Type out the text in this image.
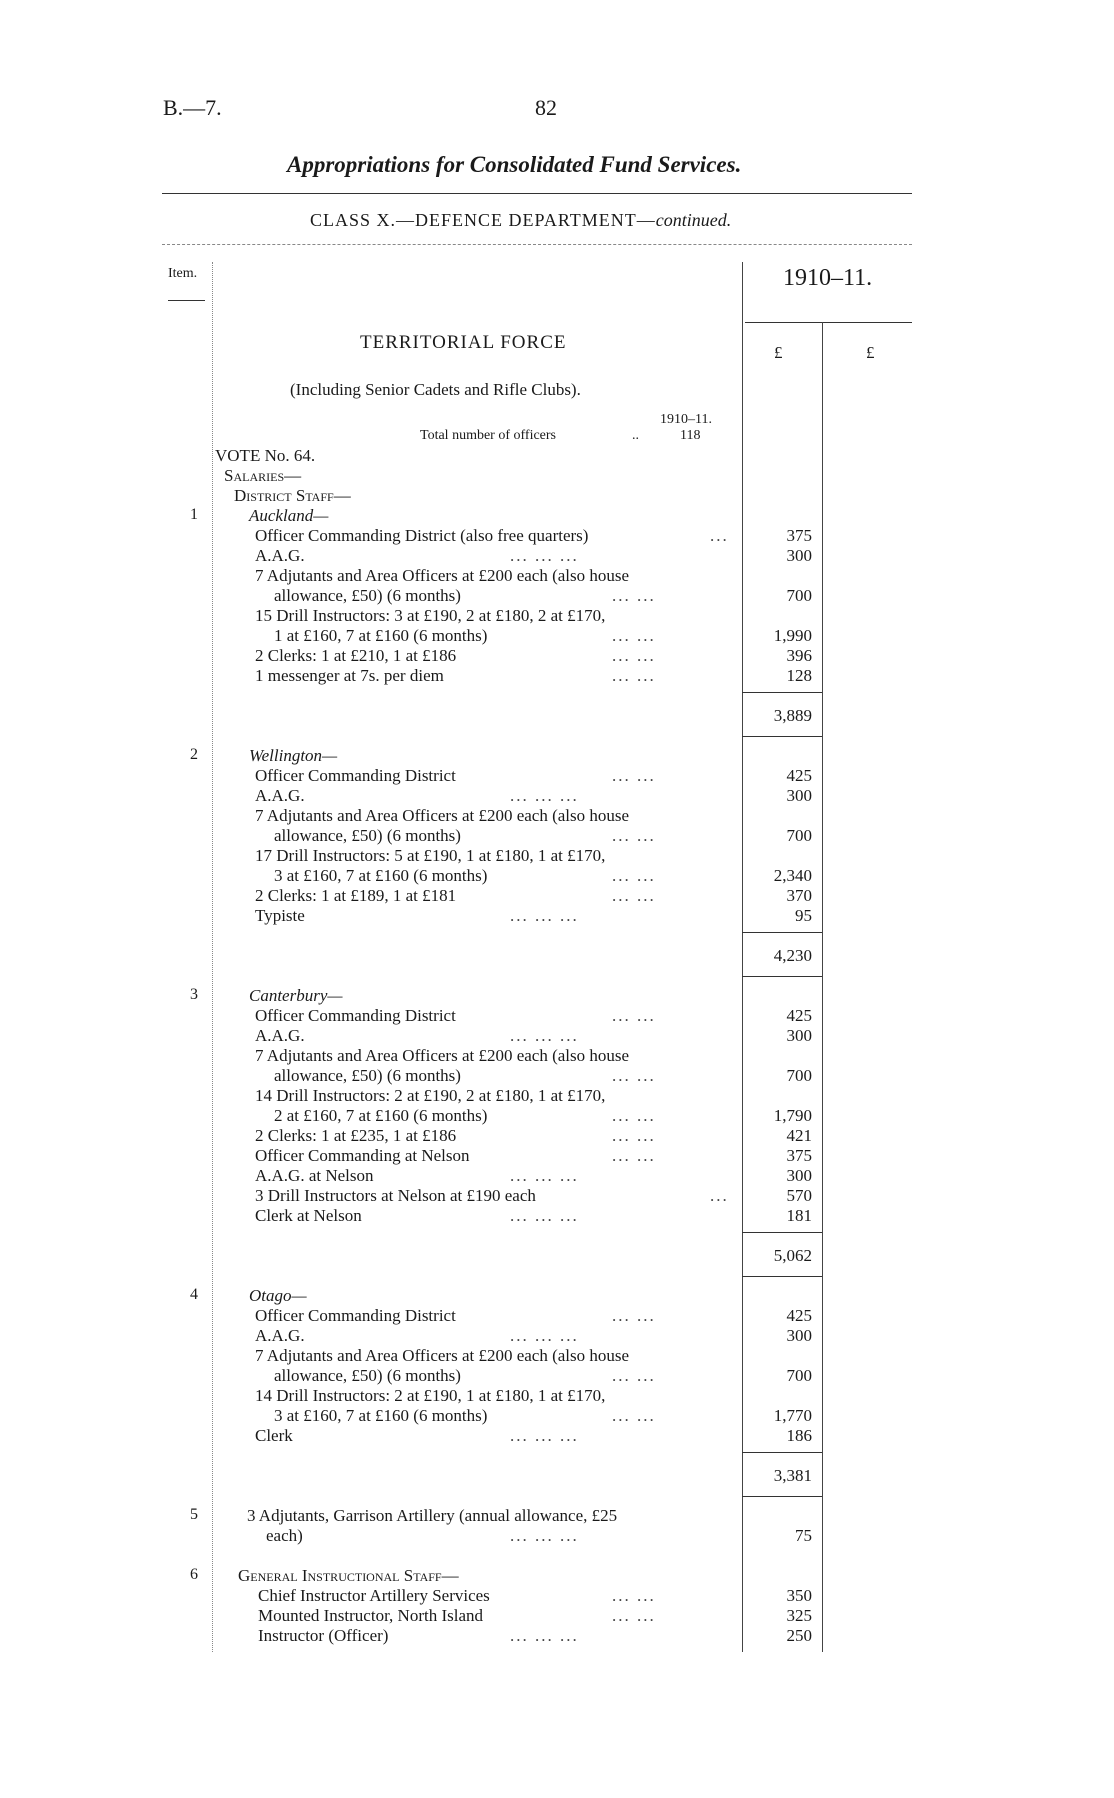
B.—7.	82
Appropriations for Consolidated Fund Services.
CLASS X.—DEFENCE DEPARTMENT—continued.
Item.	1910–11.
£	£
TERRITORIAL FORCE
(Including Senior Cadets and Rifle Clubs).
1910–11.
Total number of officers	..	118
VOTE No. 64.
Salaries—
District Staff—
1	Auckland—
Officer Commanding District (also free quarters)	...	375
A.A.G.	... ... ...	300
7 Adjutants and Area Officers at £200 each (also house
allowance, £50) (6 months)	... ...	700
15 Drill Instructors: 3 at £190, 2 at £180, 2 at £170,
1 at £160, 7 at £160 (6 months)	... ...	1,990
2 Clerks: 1 at £210, 1 at £186	... ...	396
1 messenger at 7s. per diem	... ...	128
3,889
2	Wellington—
Officer Commanding District	... ...	425
A.A.G.	... ... ...	300
7 Adjutants and Area Officers at £200 each (also house
allowance, £50) (6 months)	... ...	700
17 Drill Instructors: 5 at £190, 1 at £180, 1 at £170,
3 at £160, 7 at £160 (6 months)	... ...	2,340
2 Clerks: 1 at £189, 1 at £181	... ...	370
Typiste	... ... ...	95
4,230
3	Canterbury—
Officer Commanding District	... ...	425
A.A.G.	... ... ...	300
7 Adjutants and Area Officers at £200 each (also house
allowance, £50) (6 months)	... ...	700
14 Drill Instructors: 2 at £190, 2 at £180, 1 at £170,
2 at £160, 7 at £160 (6 months)	... ...	1,790
2 Clerks: 1 at £235, 1 at £186	... ...	421
Officer Commanding at Nelson	... ...	375
A.A.G. at Nelson	... ... ...	300
3 Drill Instructors at Nelson at £190 each	...	570
Clerk at Nelson	... ... ...	181
5,062
4	Otago—
Officer Commanding District	... ...	425
A.A.G.	... ... ...	300
7 Adjutants and Area Officers at £200 each (also house
allowance, £50) (6 months)	... ...	700
14 Drill Instructors: 2 at £190, 1 at £180, 1 at £170,
3 at £160, 7 at £160 (6 months)	... ...	1,770
Clerk	... ... ...	186
3,381
5	3 Adjutants, Garrison Artillery (annual allowance, £25
each)	... ... ...	75
6 General Instructional Staff—
Chief Instructor Artillery Services	... ...	350
Mounted Instructor, North Island	... ...	325
Instructor (Officer)	... ... ...	250
